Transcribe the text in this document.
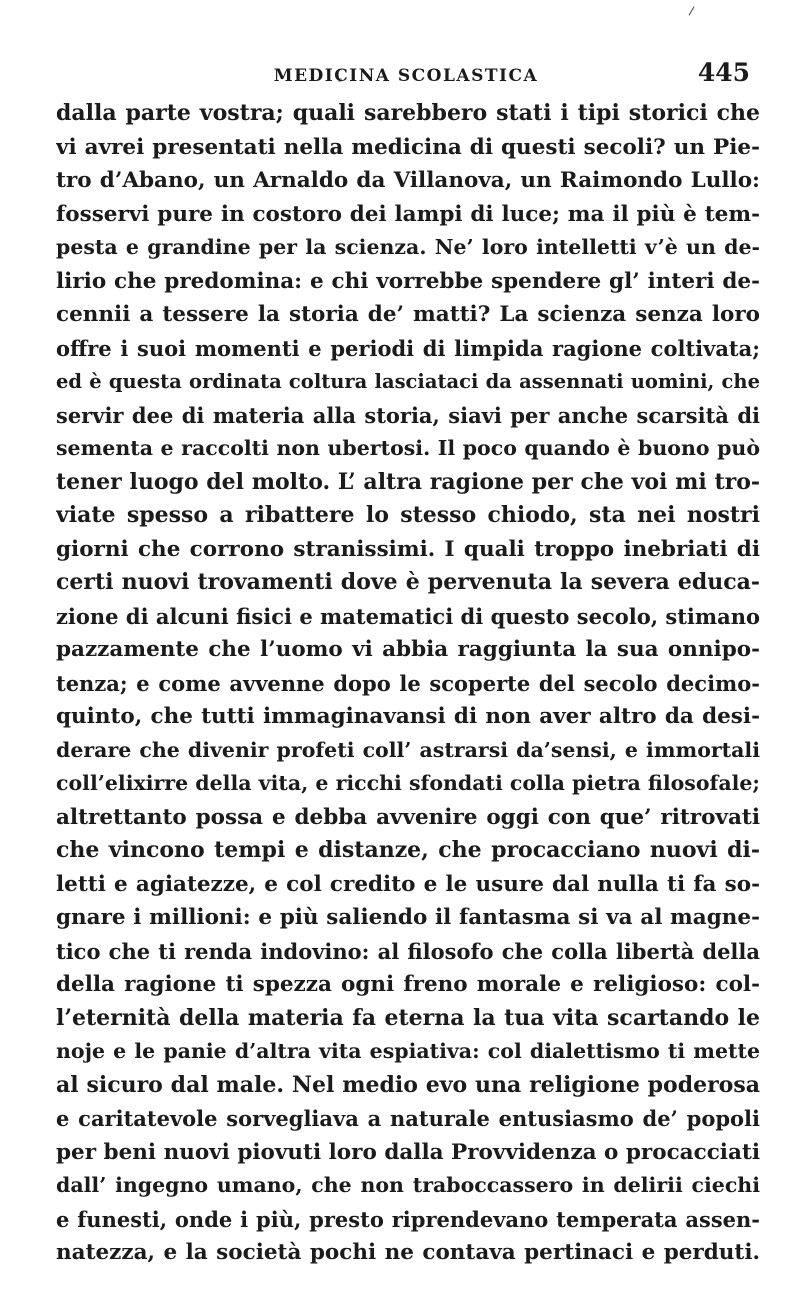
MEDICINA SCOLASTICA	445
dalla parte vostra; quali sarebbero stati i tipi storici che
vi avrei presentati nella medicina di questi secoli? un Pie-
tro d’Abano, un Arnaldo da Villanova, un Raimondo Lullo:
fosservi pure in costoro dei lampi di luce; ma il più è tem-
pesta e grandine per la scienza. Ne’ loro intelletti v’è un de-
lirio che predomina: e chi vorrebbe spendere gl’ interi de-
cennii a tessere la storia de’ matti? La scienza senza loro
offre i suoi momenti e periodi di limpida ragione coltivata;
ed è questa ordinata coltura lasciataci da assennati uomini, che
servir dee di materia alla storia, siavi per anche scarsità di
sementa e raccolti non ubertosi. Il poco quando è buono può
tener luogo del molto. L’ altra ragione per che voi mi tro-
viate spesso a ribattere lo stesso chiodo, sta nei nostri
giorni che corrono stranissimi. I quali troppo inebriati di
certi nuovi trovamenti dove è pervenuta la severa educa-
zione di alcuni fisici e matematici di questo secolo, stimano
pazzamente che l’uomo vi abbia raggiunta la sua onnipo-
tenza; e come avvenne dopo le scoperte del secolo decimo-
quinto, che tutti immaginavansi di non aver altro da desi-
derare che divenir profeti coll’ astrarsi da’sensi, e immortali
coll’elixirre della vita, e ricchi sfondati colla pietra filosofale;
altrettanto possa e debba avvenire oggi con que’ ritrovati
che vincono tempi e distanze, che procacciano nuovi di-
letti e agiatezze, e col credito e le usure dal nulla ti fa so-
gnare i millioni: e più saliendo il fantasma si va al magne-
tico che ti renda indovino: al filosofo che colla libertà della
della ragione ti spezza ogni freno morale e religioso: col-
l’eternità della materia fa eterna la tua vita scartando le
noje e le panie d’altra vita espiativa: col dialettismo ti mette
al sicuro dal male. Nel medio evo una religione poderosa
e caritatevole sorvegliava a naturale entusiasmo de’ popoli
per beni nuovi piovuti loro dalla Provvidenza o procacciati
dall’ ingegno umano, che non traboccassero in delirii ciechi
e funesti, onde i più, presto riprendevano temperata assen-
natezza, e la società pochi ne contava pertinaci e perduti.
